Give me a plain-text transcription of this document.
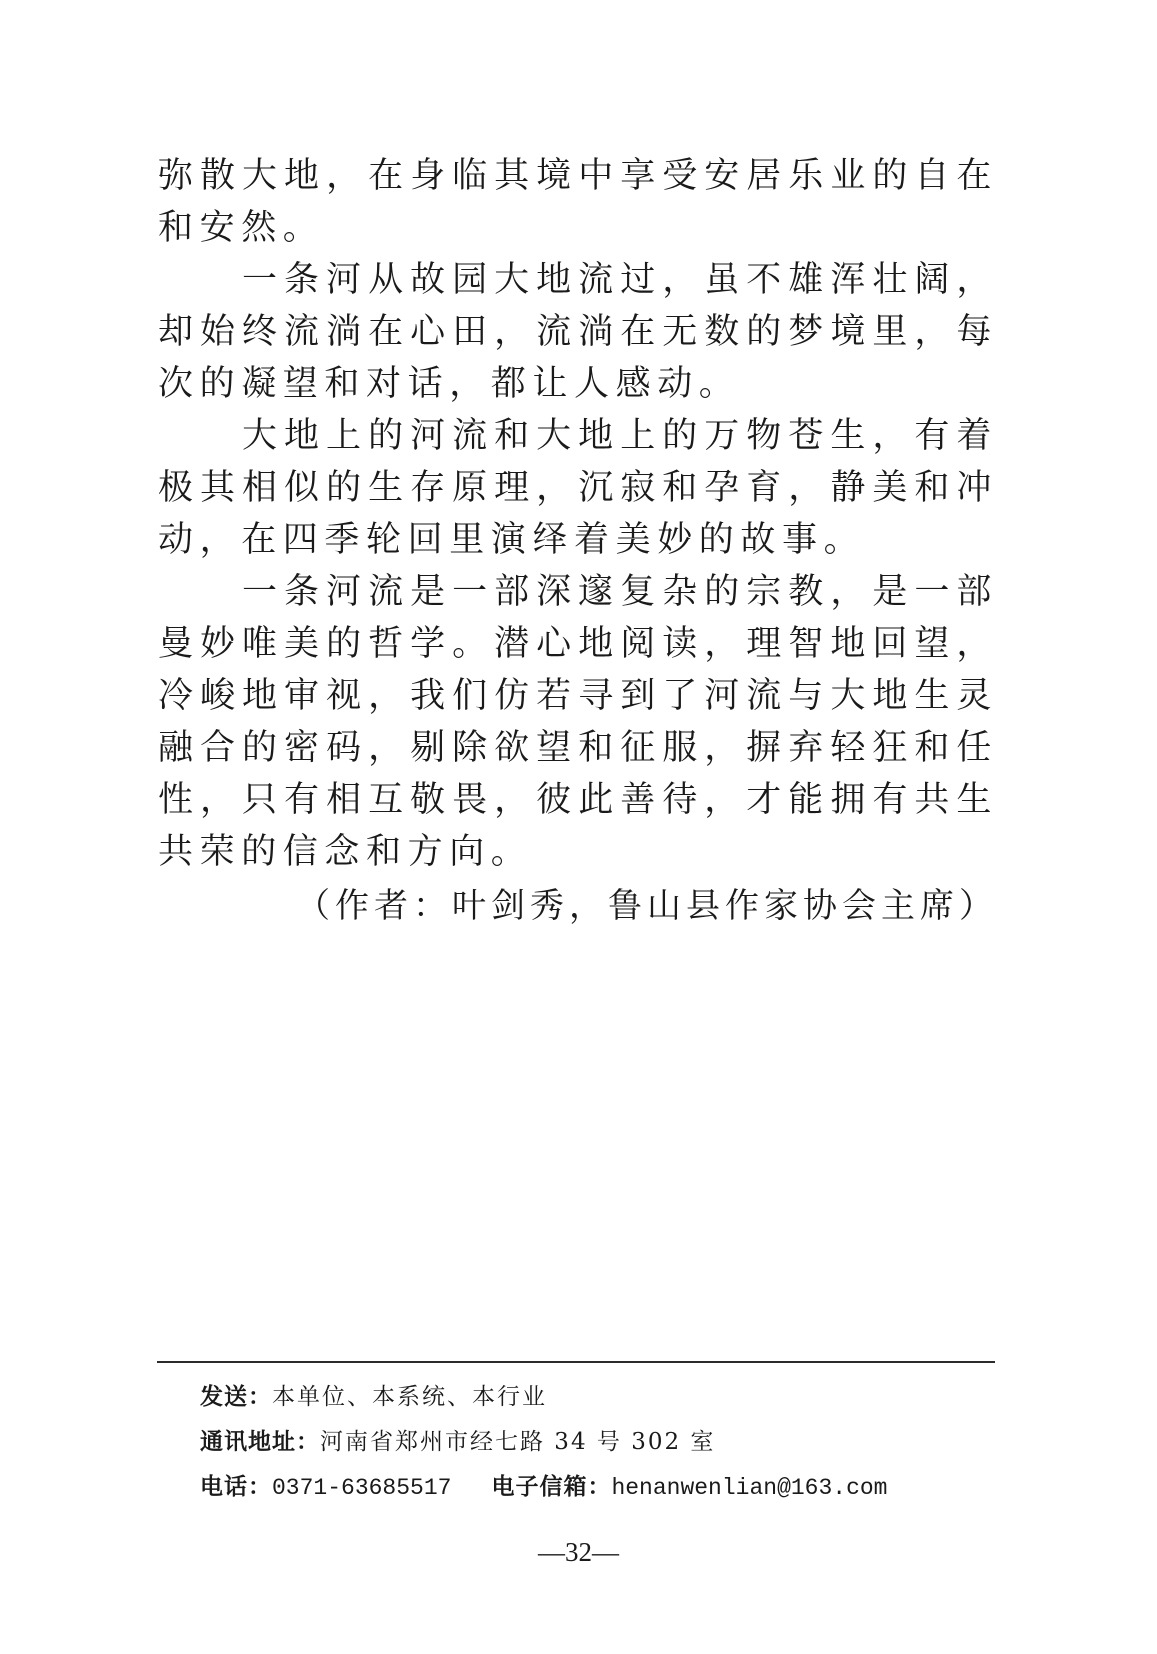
弥散大地，在身临其境中享受安居乐业的自在和安然。

一条河从故园大地流过，虽不雄浑壮阔，却始终流淌在心田，流淌在无数的梦境里，每次的凝望和对话，都让人感动。

大地上的河流和大地上的万物苍生，有着极其相似的生存原理，沉寂和孕育，静美和冲动，在四季轮回里演绎着美妙的故事。

一条河流是一部深邃复杂的宗教，是一部曼妙唯美的哲学。潜心地阅读，理智地回望，冷峻地审视，我们仿若寻到了河流与大地生灵融合的密码，剔除欲望和征服，摒弃轻狂和任性，只有相互敬畏，彼此善待，才能拥有共生共荣的信念和方向。

（作者：叶剑秀，鲁山县作家协会主席）

发送：本单位、本系统、本行业
通讯地址：河南省郑州市经七路 34 号 302 室
电话：0371-63685517 电子信箱：henanwenlian@163.com
—32—
